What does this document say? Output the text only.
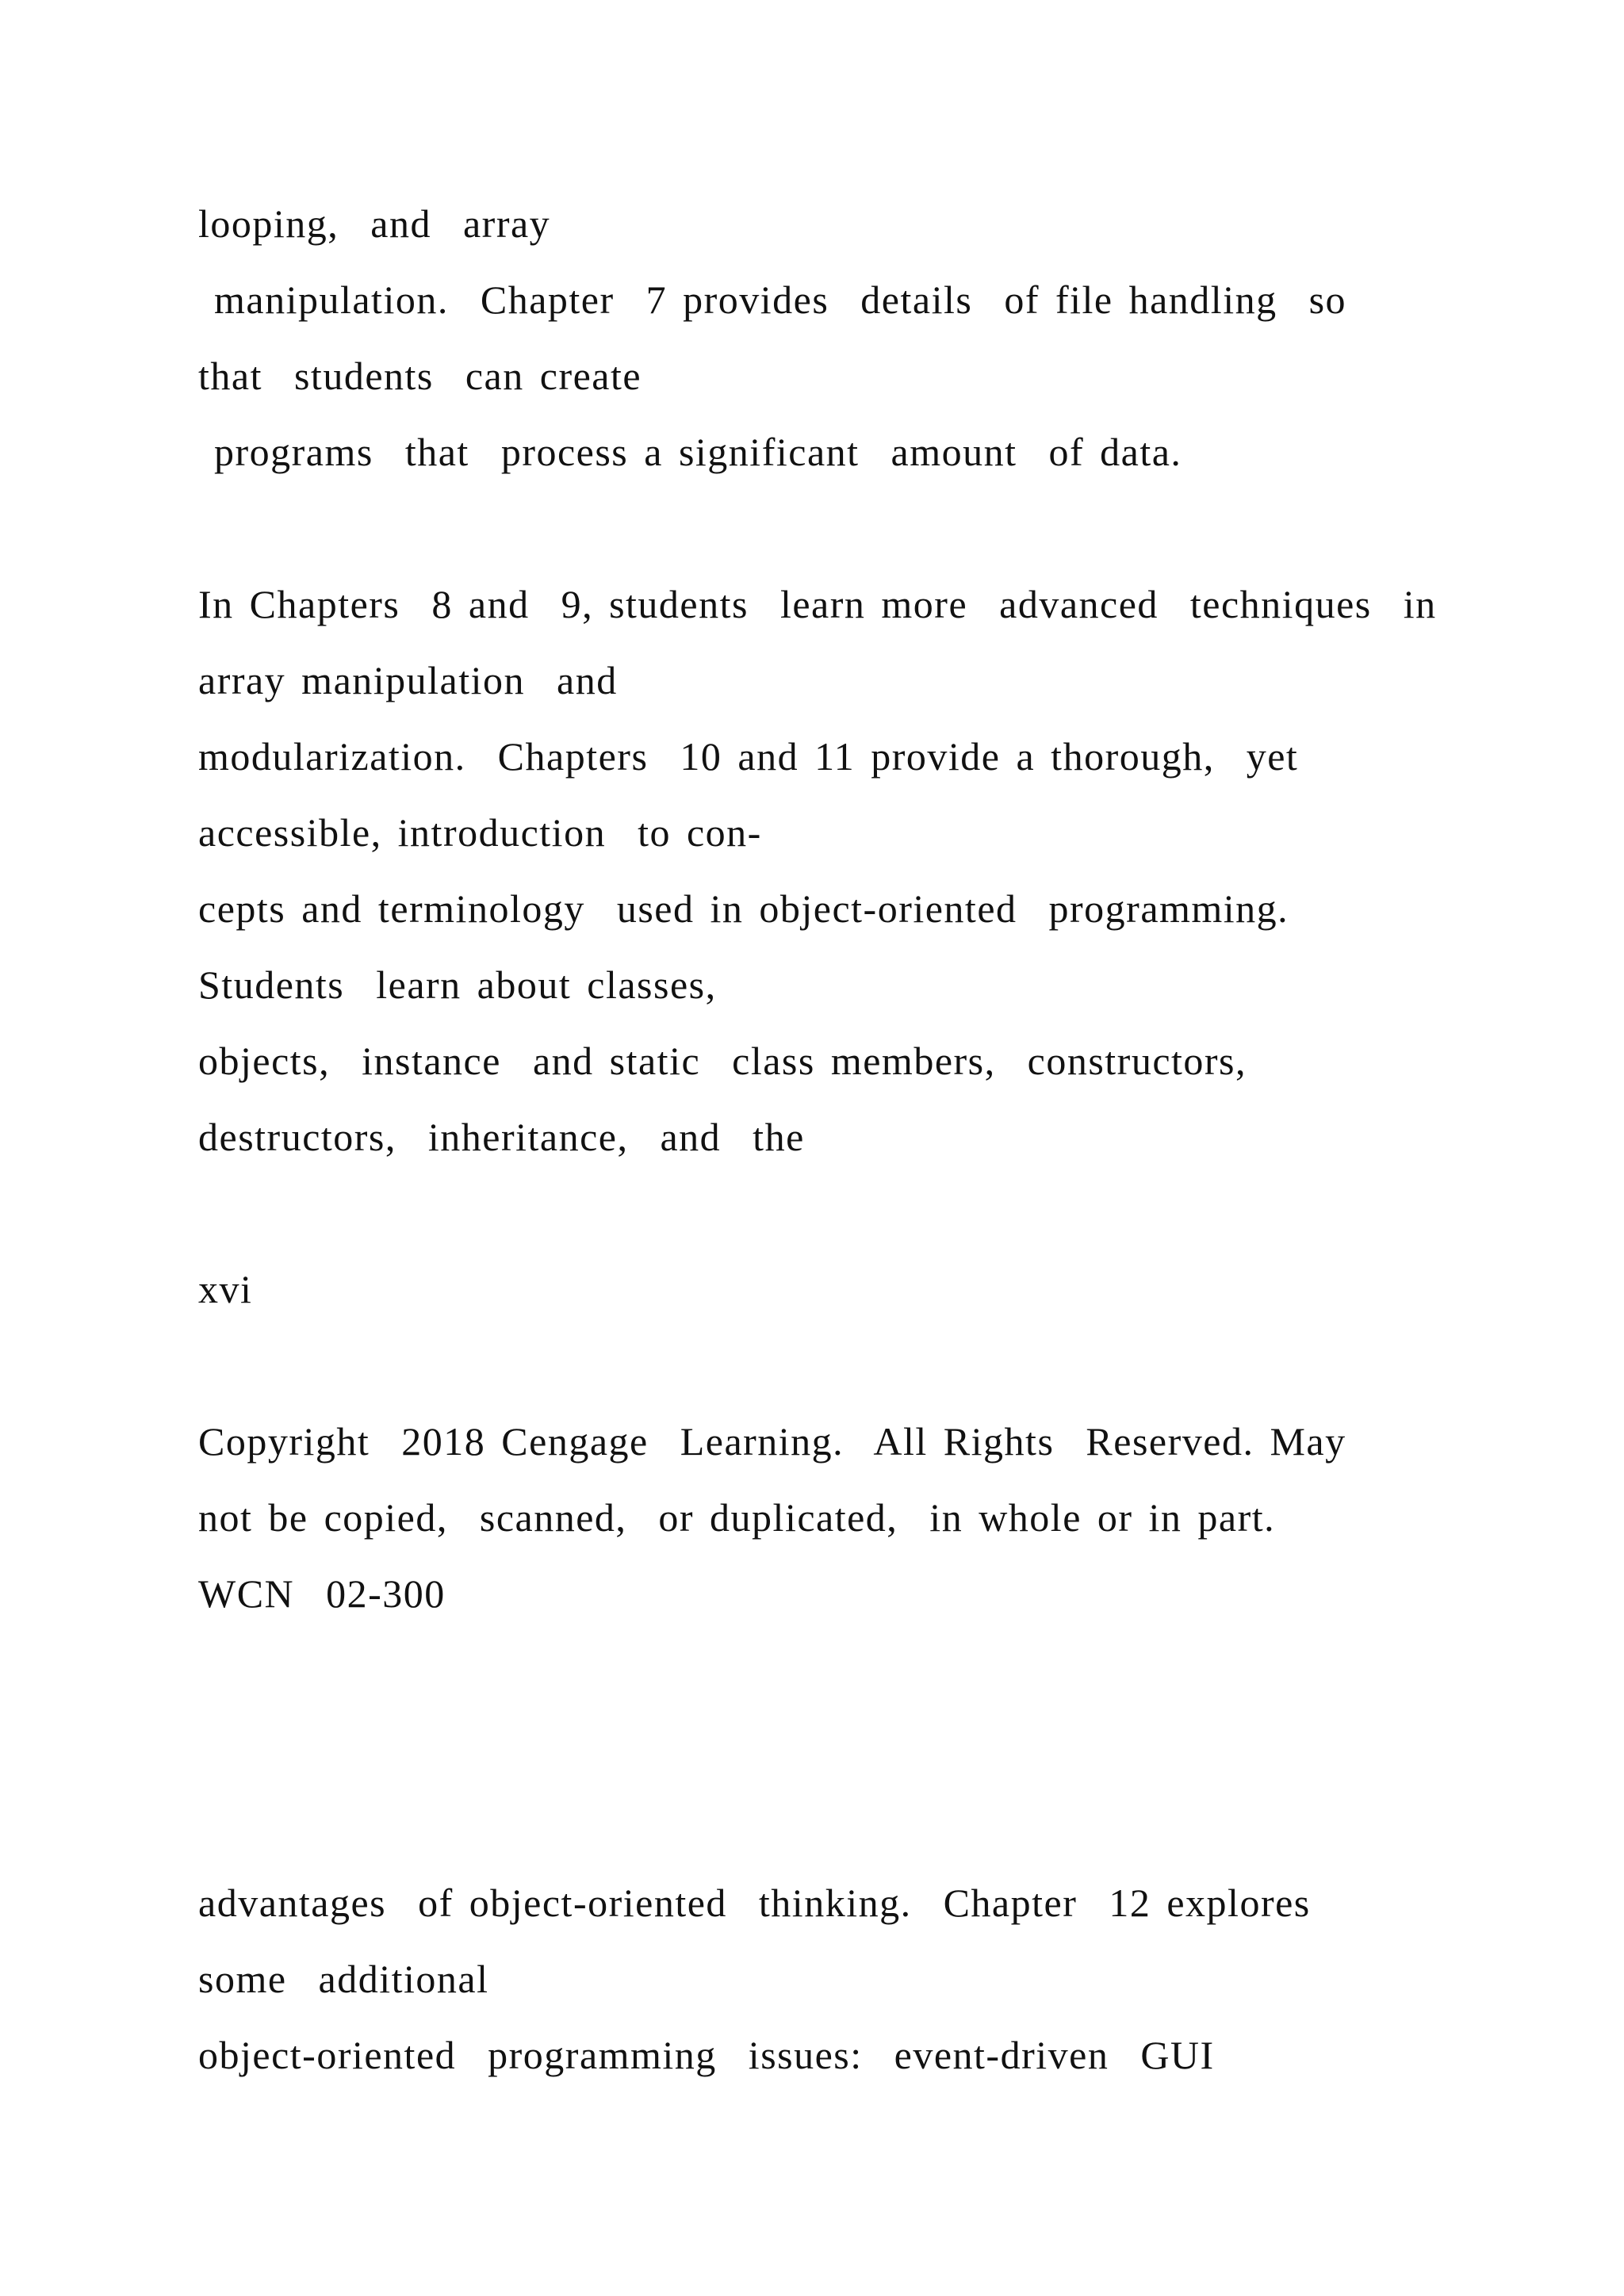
looping,  and  array
manipulation.  Chapter  7 provides  details  of file handling  so
that  students  can create
programs  that  process a significant  amount  of data.
In Chapters  8 and  9, students  learn more  advanced  techniques  in
array manipulation  and
modularization.  Chapters  10 and 11 provide a thorough,  yet
accessible, introduction  to con-
cepts and terminology  used in object-oriented  programming.
Students  learn about classes,
objects,  instance  and static  class members,  constructors,
destructors,  inheritance,  and  the
xvi
Copyright  2018 Cengage  Learning.  All Rights  Reserved. May
not be copied,  scanned,  or duplicated,  in whole or in part.
WCN  02-300
advantages  of object-oriented  thinking.  Chapter  12 explores
some  additional
object-oriented  programming  issues:  event-driven  GUI
